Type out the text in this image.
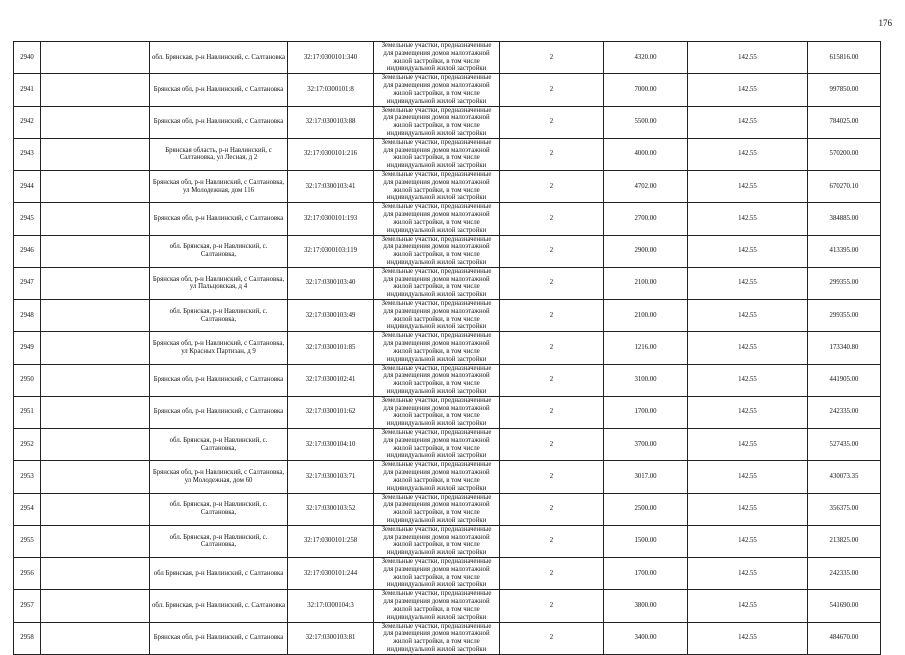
176
2940		обл. Брянская, р-н Навлинский, с. Салтановка	32:17:0300101:340	Земельные участки, предназначенные для размещения домов малоэтажной жилой застройки, в том числе индивидуальной жилой застройки	2	4320.00	142.55	615816.00
2941		Брянская обл, р-н Навлинский, с Салтановка	32:17:0300101:8	Земельные участки, предназначенные для размещения домов малоэтажной жилой застройки, в том числе индивидуальной жилой застройки	2	7000.00	142.55	997850.00
2942		Брянская обл, р-н Навлинский, с Салтановка	32:17:0300103:88	Земельные участки, предназначенные для размещения домов малоэтажной жилой застройки, в том числе индивидуальной жилой застройки	2	5500.00	142.55	784025.00
2943		Брянская область, р-н Навлинский, с Салтановка, ул Лесная, д 2	32:17:0300101:216	Земельные участки, предназначенные для размещения домов малоэтажной жилой застройки, в том числе индивидуальной жилой застройки	2	4000.00	142.55	570200.00
2944		Брянская обл, р-н Навлинский, с Салтановка, ул Молодежная, дом 116	32:17:0300103:41	Земельные участки, предназначенные для размещения домов малоэтажной жилой застройки, в том числе индивидуальной жилой застройки	2	4702.00	142.55	670270.10
2945		Брянская обл, р-н Навлинский, с Салтановка	32:17:0300101:193	Земельные участки, предназначенные для размещения домов малоэтажной жилой застройки, в том числе индивидуальной жилой застройки	2	2700.00	142.55	384885.00
2946		обл. Брянская, р-н Навлинский, с. Салтановка,	32:17:0300103:119	Земельные участки, предназначенные для размещения домов малоэтажной жилой застройки, в том числе индивидуальной жилой застройки	2	2900.00	142.55	413395.00
2947		Брянская обл, р-н Навлинский, с Салтановка, ул Пальцовская, д 4	32:17:0300103:40	Земельные участки, предназначенные для размещения домов малоэтажной жилой застройки, в том числе индивидуальной жилой застройки	2	2100.00	142.55	299355.00
2948		обл. Брянская, р-н Навлинский, с. Салтановка,	32:17:0300103:49	Земельные участки, предназначенные для размещения домов малоэтажной жилой застройки, в том числе индивидуальной жилой застройки	2	2100.00	142.55	299355.00
2949		Брянская обл, р-н Навлинский, с Салтановка, ул Красных Партизан, д 9	32:17:0300101:85	Земельные участки, предназначенные для размещения домов малоэтажной жилой застройки, в том числе индивидуальной жилой застройки	2	1216.00	142.55	173340.80
2950		Брянская обл, р-н Навлинский, с Салтановка	32:17:0300102:41	Земельные участки, предназначенные для размещения домов малоэтажной жилой застройки, в том числе индивидуальной жилой застройки	2	3100.00	142.55	441905.00
2951		Брянская обл, р-н Навлинский, с Салтановка	32:17:0300101:62	Земельные участки, предназначенные для размещения домов малоэтажной жилой застройки, в том числе индивидуальной жилой застройки	2	1700.00	142.55	242335.00
2952		обл. Брянская, р-н Навлинский, с. Салтановка,	32:17:0300104:10	Земельные участки, предназначенные для размещения домов малоэтажной жилой застройки, в том числе индивидуальной жилой застройки	2	3700.00	142.55	527435.00
2953		Брянская обл, р-н Навлинский, с Салтановка, ул Молодежная, дом 60	32:17:0300103:71	Земельные участки, предназначенные для размещения домов малоэтажной жилой застройки, в том числе индивидуальной жилой застройки	2	3017.00	142.55	430073.35
2954		обл. Брянская, р-н Навлинский, с. Салтановка,	32:17:0300103:52	Земельные участки, предназначенные для размещения домов малоэтажной жилой застройки, в том числе индивидуальной жилой застройки	2	2500.00	142.55	356375.00
2955		обл. Брянская, р-н Навлинский, с. Салтановка,	32:17:0300101:258	Земельные участки, предназначенные для размещения домов малоэтажной жилой застройки, в том числе индивидуальной жилой застройки	2	1500.00	142.55	213825.00
2956		обл Брянская, р-н Навлинский, с Салтановка	32:17:0300101:244	Земельные участки, предназначенные для размещения домов малоэтажной жилой застройки, в том числе индивидуальной жилой застройки	2	1700.00	142.55	242335.00
2957		обл. Брянская, р-н Навлинский, с. Салтановка	32:17:0300104:3	Земельные участки, предназначенные для размещения домов малоэтажной жилой застройки, в том числе индивидуальной жилой застройки	2	3800.00	142.55	541690.00
2958		Брянская обл, р-н Навлинский, с Салтановка	32:17:0300103:81	Земельные участки, предназначенные для размещения домов малоэтажной жилой застройки, в том числе индивидуальной жилой застройки	2	3400.00	142.55	484670.00
